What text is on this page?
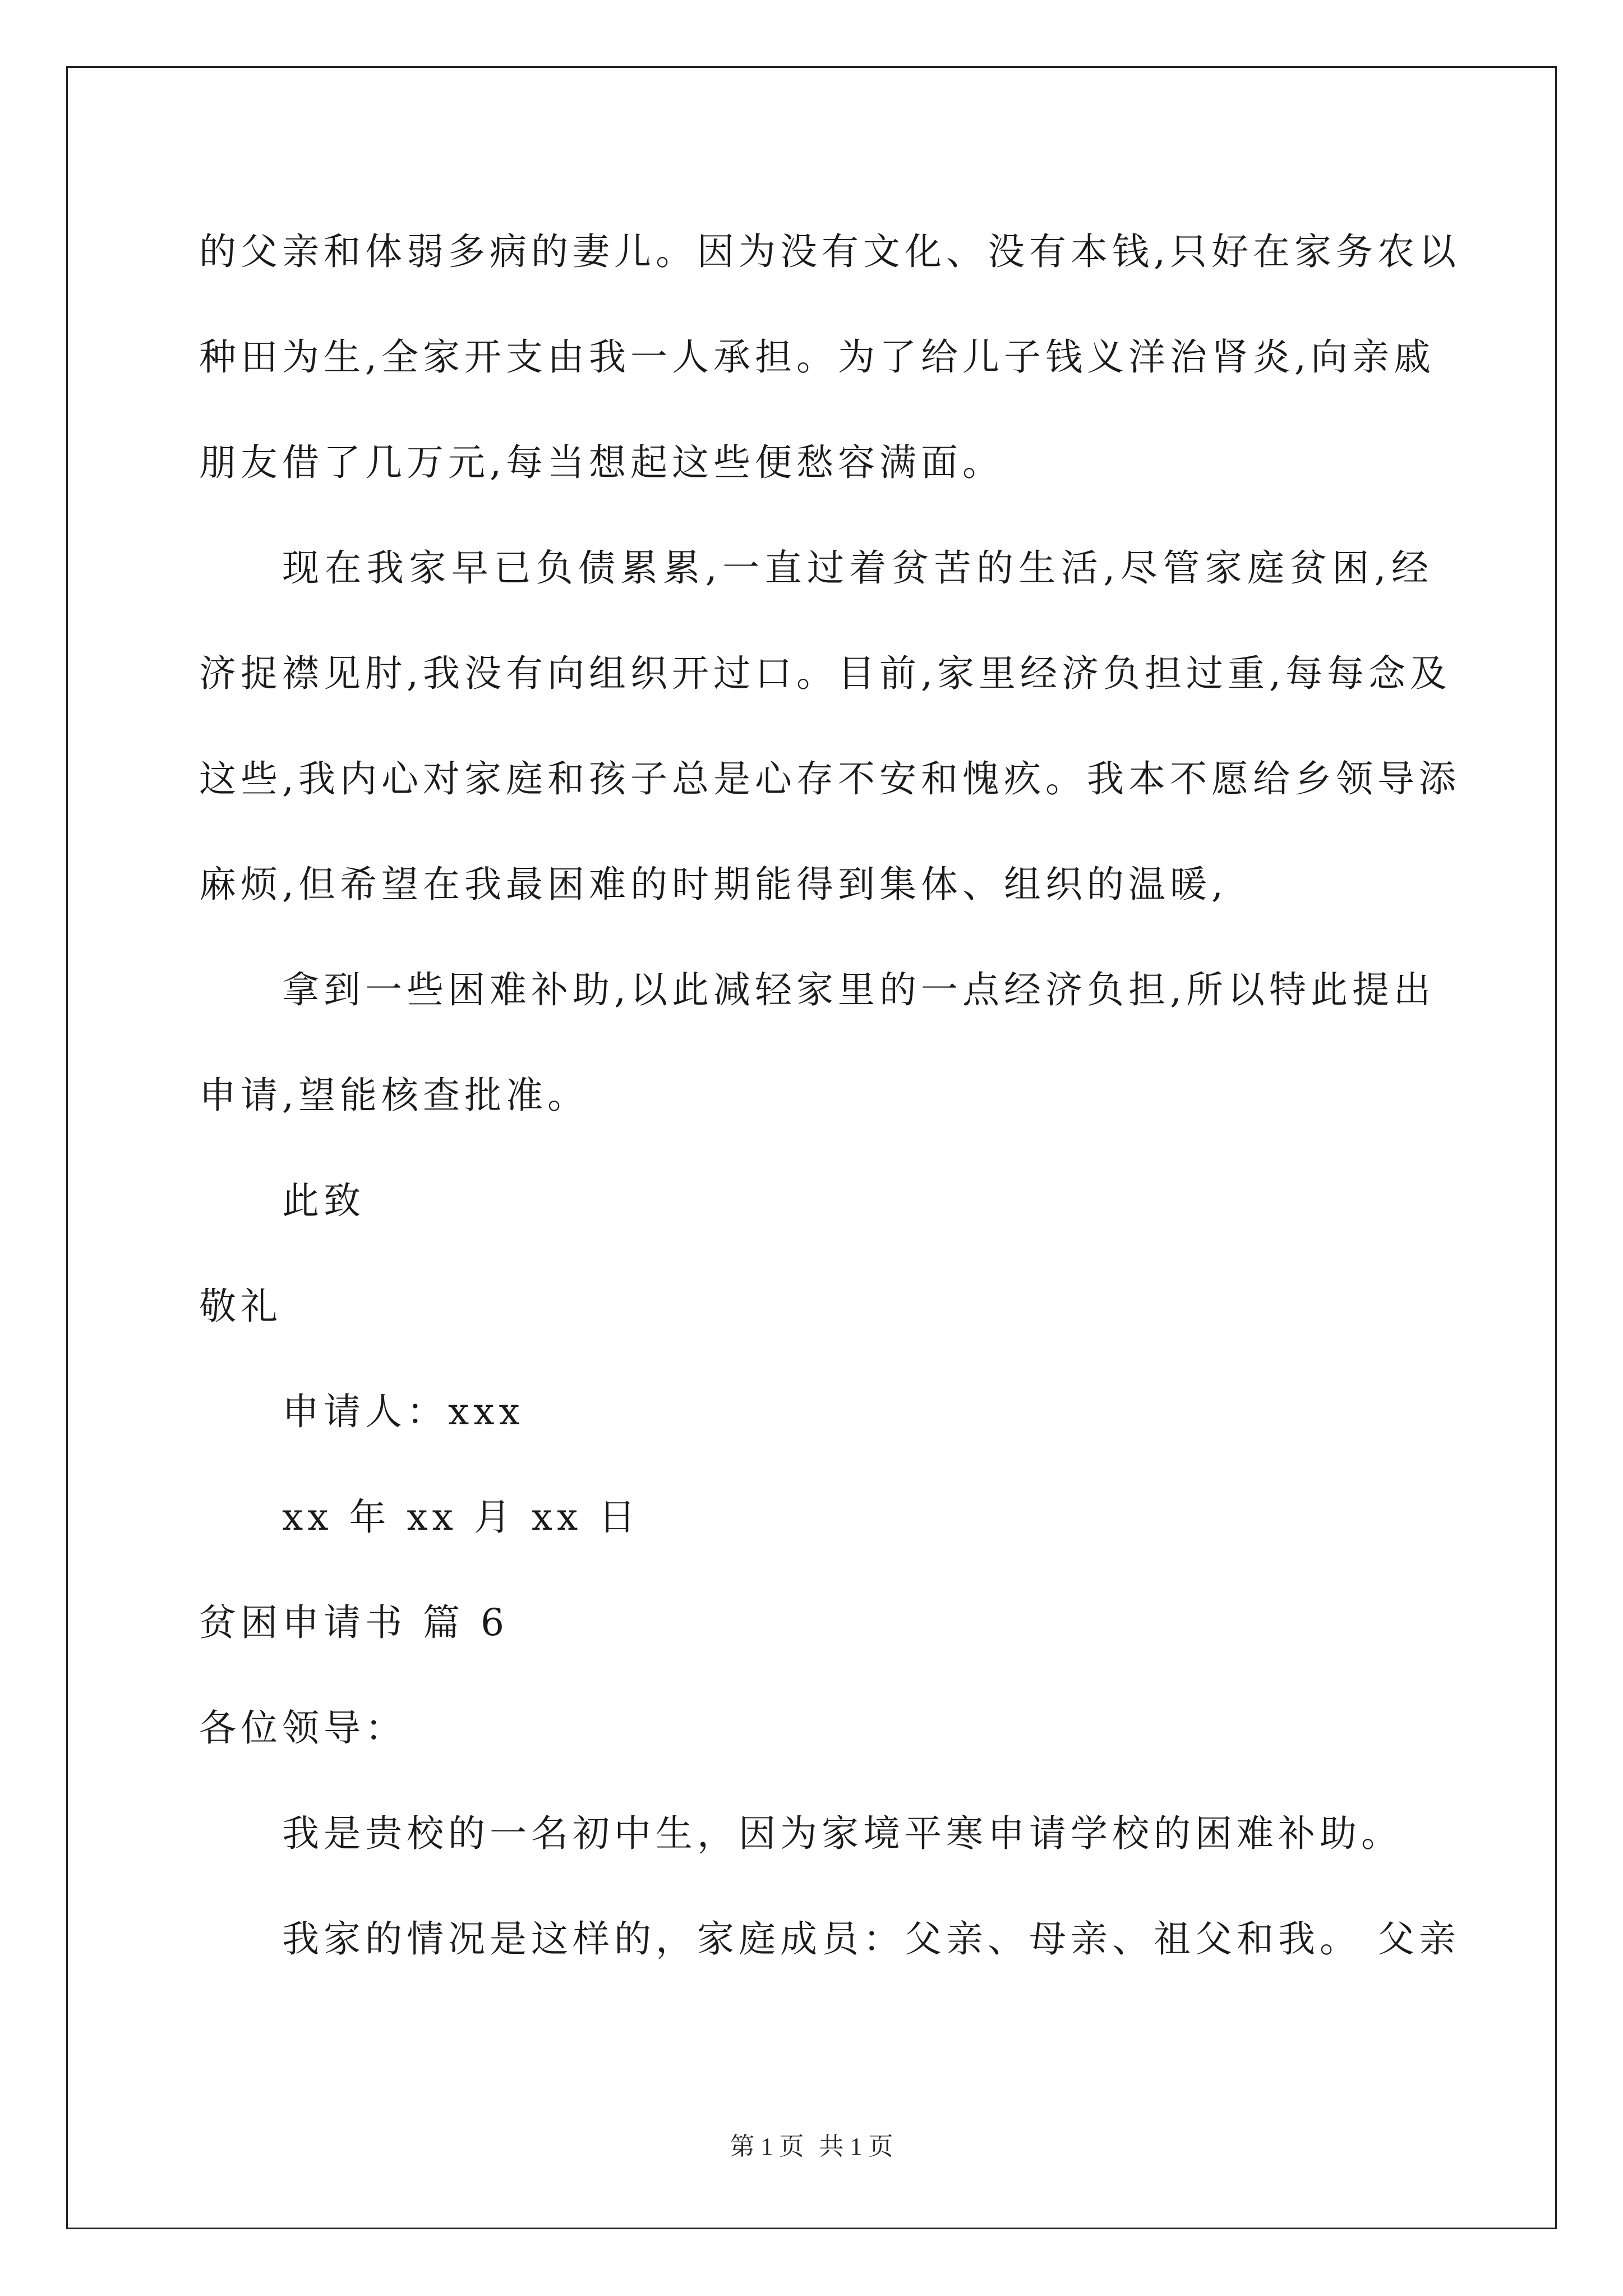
的父亲和体弱多病的妻儿。因为没有文化、没有本钱,只好在家务农以
种田为生,全家开支由我一人承担。为了给儿子钱义洋治肾炎,向亲戚
朋友借了几万元,每当想起这些便愁容满面。
现在我家早已负债累累,一直过着贫苦的生活,尽管家庭贫困,经
济捉襟见肘,我没有向组织开过口。目前,家里经济负担过重,每每念及
这些,我内心对家庭和孩子总是心存不安和愧疚。我本不愿给乡领导添
麻烦,但希望在我最困难的时期能得到集体、组织的温暖,
拿到一些困难补助,以此减轻家里的一点经济负担,所以特此提出
申请,望能核查批准。
此致
敬礼
申请人：xxx
xx 年 xx 月 xx 日
贫困申请书 篇 6
各位领导：
我是贵校的一名初中生，因为家境平寒申请学校的困难补助。
我家的情况是这样的，家庭成员：父亲、母亲、祖父和我。 父亲
第 1 页 共 1 页
